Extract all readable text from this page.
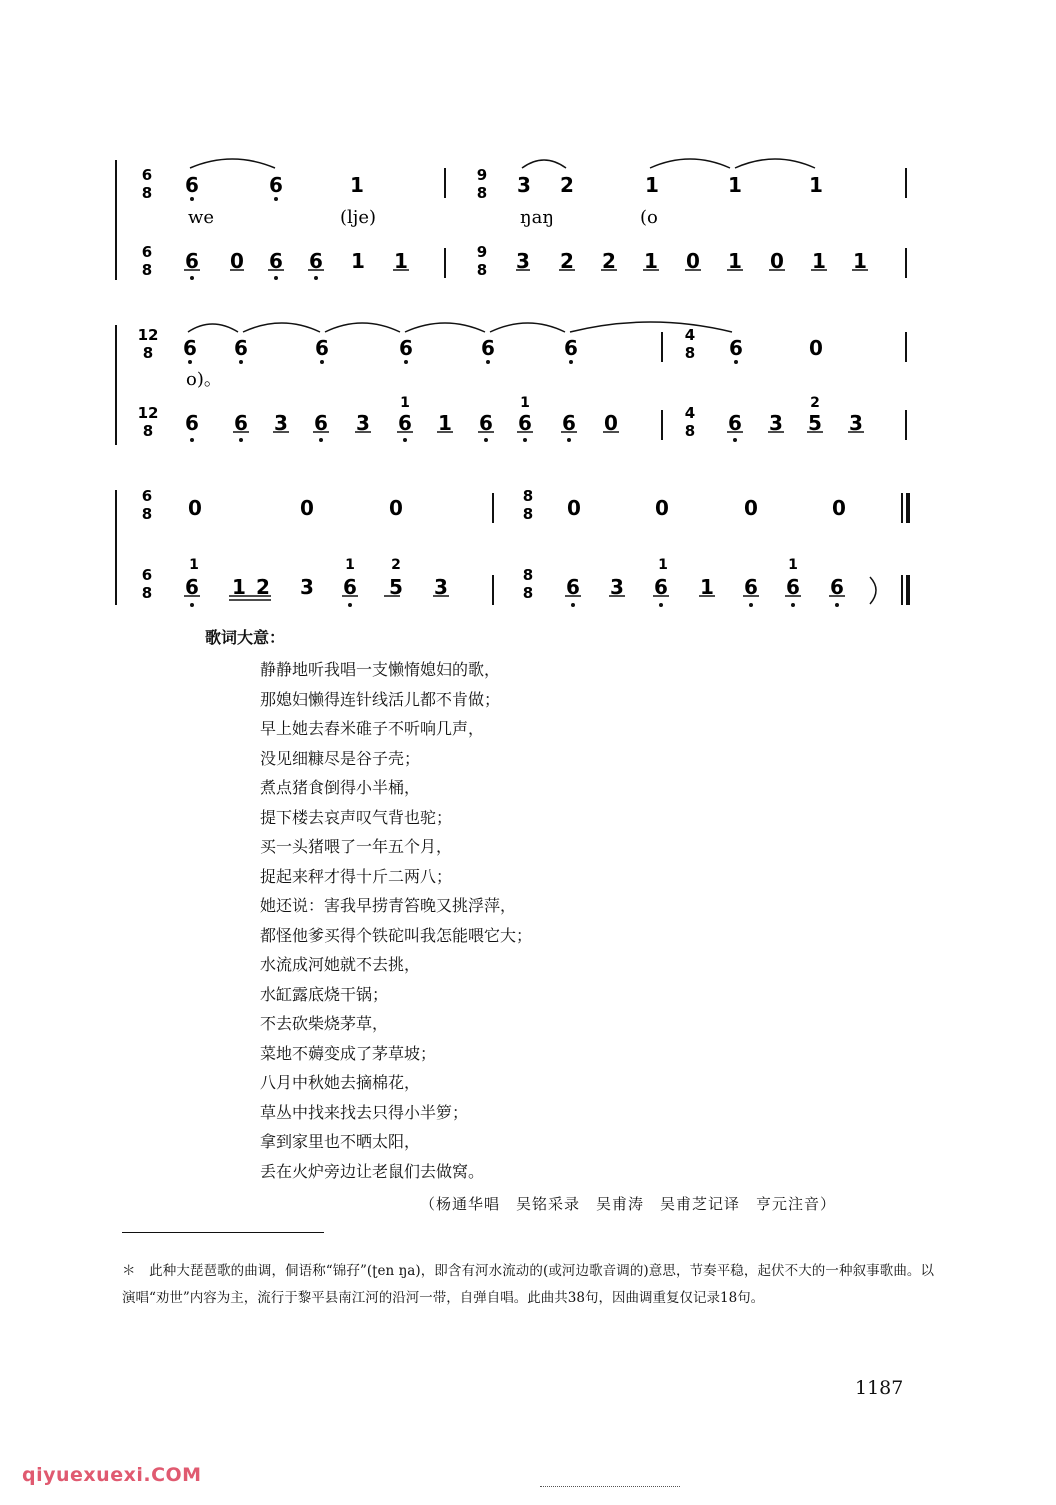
6
8
9
8
6
8
9
8
12
8
4
8
12
8
4
8
6
8
8
8
6
8
8
8
6	6	1	3 2	1	1	1
we	(lje)	ŋaŋ	(o
6 0 6 6 1 1	3 2 2 1 0 1 0 1 1
6 6	6	6	6	6	6	0
o)。
1	1	2
6 6 3 6 3 6 1 6 6 6 0	6 3 5 3
0	0	0	0	0	0	0
1	1	2	1	1
6 1 2 3 6 5 3	6 3 6 1 6 6 6
歌词大意：
静静地听我唱一支懒惰媳妇的歌，
那媳妇懒得连针线活儿都不肯做；
早上她去舂米碓子不听响几声，
没见细糠尽是谷子壳；
煮点猪食倒得小半桶，
提下楼去哀声叹气背也驼；
买一头猪喂了一年五个月，
捉起来秤才得十斤二两八；
她还说：害我早捞青笞晚又挑浮萍，
都怪他爹买得个铁砣叫我怎能喂它大；
水流成河她就不去挑，
水缸露底烧干锅；
不去砍柴烧茅草，
菜地不薅变成了茅草坡；
八月中秋她去摘棉花，
草丛中找来找去只得小半箩；
拿到家里也不晒太阳，
丢在火炉旁边让老鼠们去做窝。
（杨通华唱　吴铭采录　吴甫涛　吴甫芝记译　亨元注音）
＊　此种大琵琶歌的曲调，侗语称“锦孖”(ʈen ŋa)，即含有河水流动的(或河边歌音调的)意思，节奏平稳，起伏不大的一种叙事歌曲。以演唱“劝世”内容为主，流行于黎平县南江河的沿河一带，自弹自唱。此曲共38句，因曲调重复仅记录18句。
1187
qiyuexuexi.COM
